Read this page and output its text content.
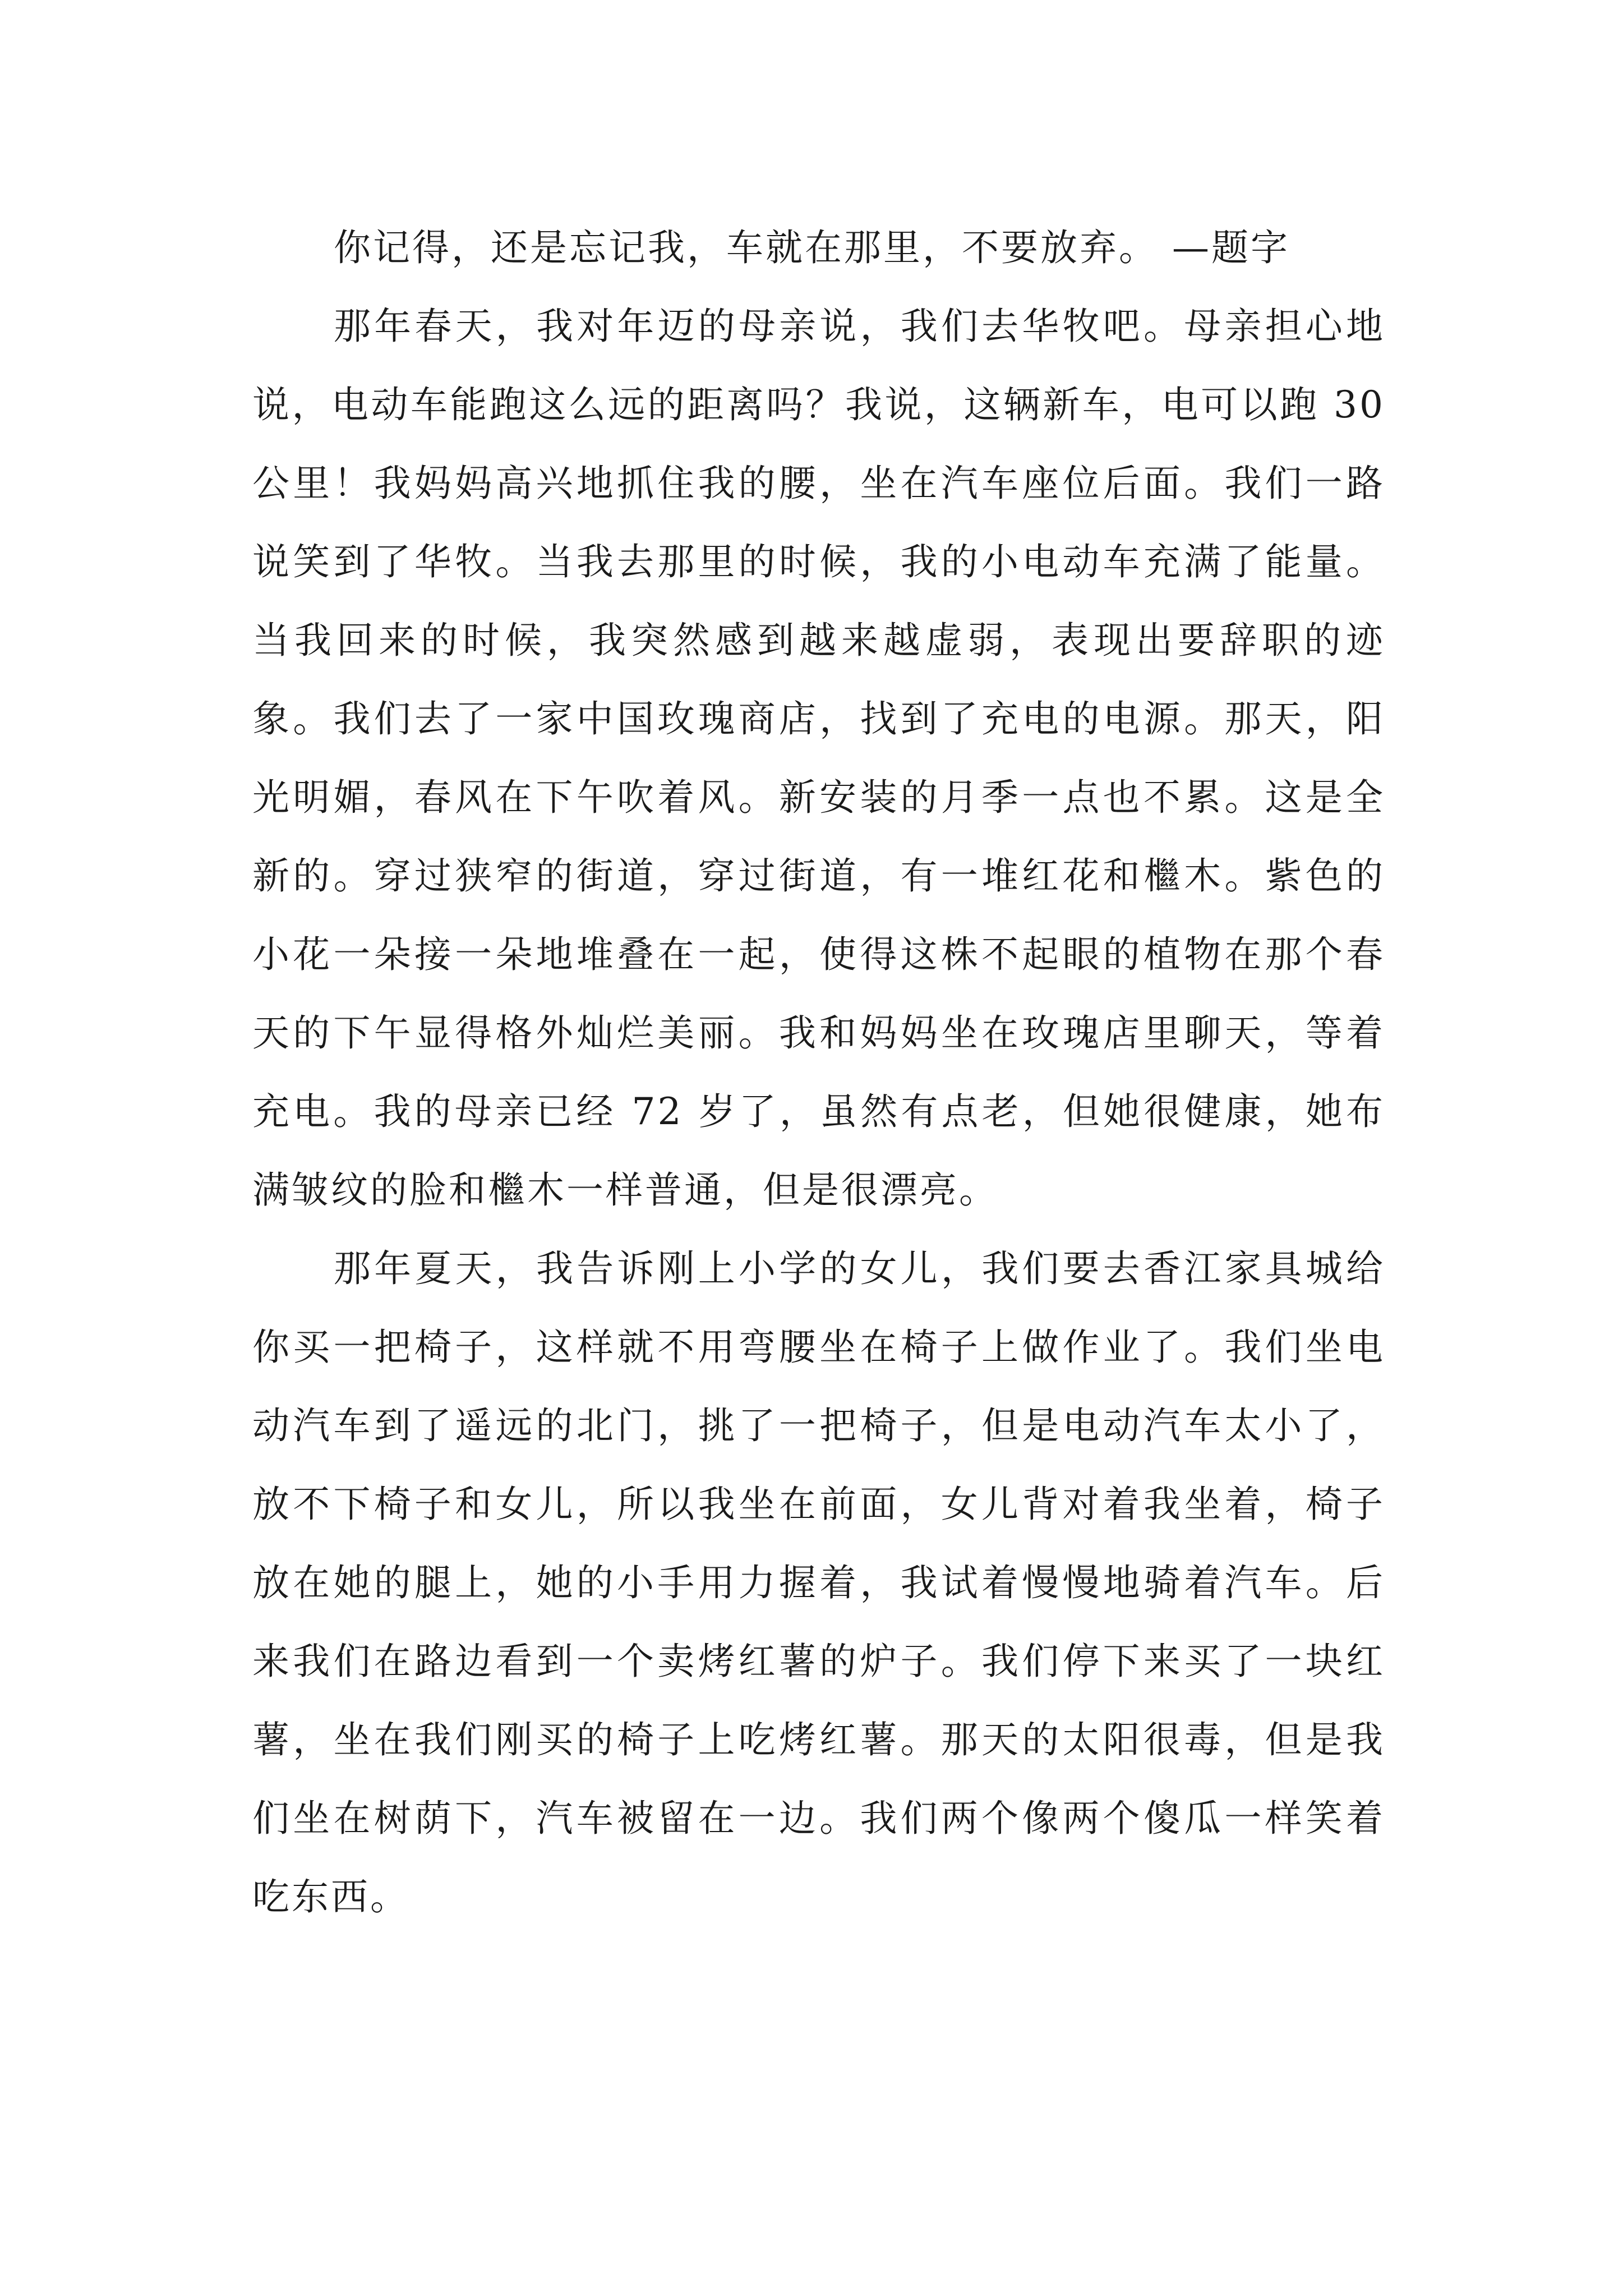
你记得，还是忘记我，车就在那里，不要放弃。 —题字

那年春天，我对年迈的母亲说，我们去华牧吧。母亲担心地说，电动车能跑这么远的距离吗？我说，这辆新车，电可以跑 30 公里！我妈妈高兴地抓住我的腰，坐在汽车座位后面。我们一路说笑到了华牧。当我去那里的时候，我的小电动车充满了能量。当我回来的时候，我突然感到越来越虚弱，表现出要辞职的迹象。我们去了一家中国玫瑰商店，找到了充电的电源。那天，阳光明媚，春风在下午吹着风。新安装的月季一点也不累。这是全新的。穿过狭窄的街道，穿过街道，有一堆红花和檵木。紫色的小花一朵接一朵地堆叠在一起，使得这株不起眼的植物在那个春天的下午显得格外灿烂美丽。我和妈妈坐在玫瑰店里聊天，等着充电。我的母亲已经 72 岁了，虽然有点老，但她很健康，她布满皱纹的脸和檵木一样普通，但是很漂亮。

那年夏天，我告诉刚上小学的女儿，我们要去香江家具城给你买一把椅子，这样就不用弯腰坐在椅子上做作业了。我们坐电动汽车到了遥远的北门，挑了一把椅子，但是电动汽车太小了，放不下椅子和女儿，所以我坐在前面，女儿背对着我坐着，椅子放在她的腿上，她的小手用力握着，我试着慢慢地骑着汽车。后来我们在路边看到一个卖烤红薯的炉子。我们停下来买了一块红薯，坐在我们刚买的椅子上吃烤红薯。那天的太阳很毒，但是我们坐在树荫下，汽车被留在一边。我们两个像两个傻瓜一样笑着吃东西。
